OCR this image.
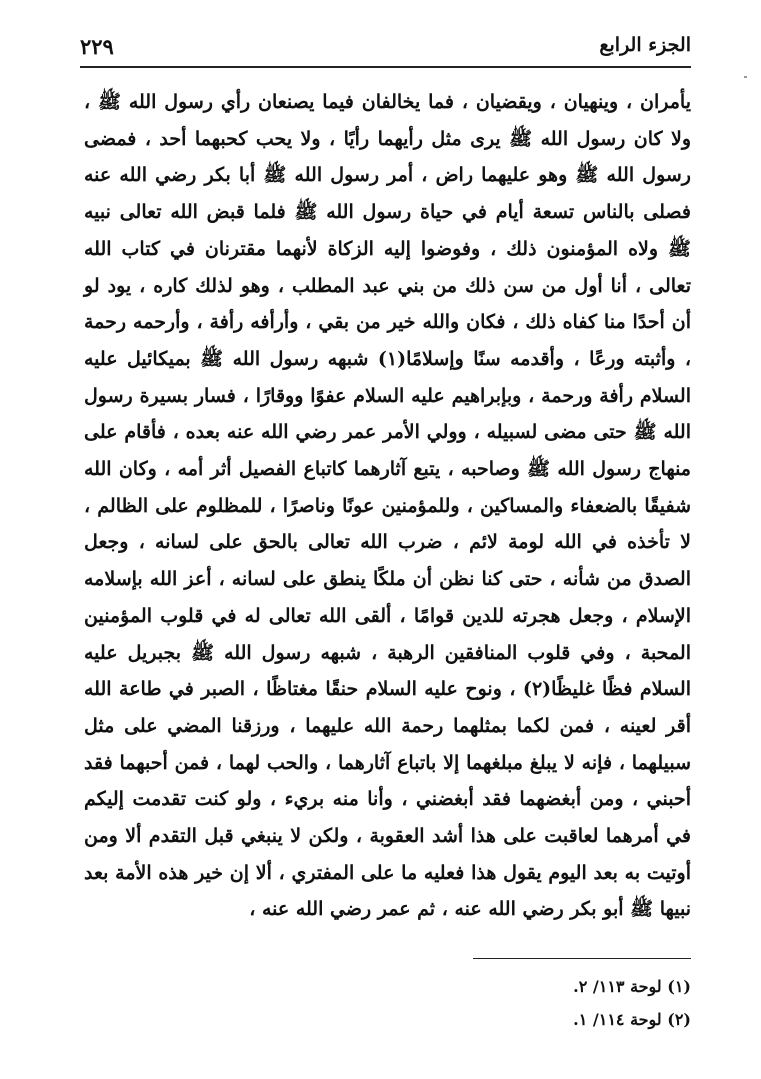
الجزء الرابع
٢٢٩

يأمران ، وينهيان ، ويقضيان ، فما يخالفان فيما يصنعان رأي رسول الله ﷺ ، ولا كان رسول الله ﷺ يرى مثل رأيهما رأيًا ، ولا يحب كحبهما أحد ، فمضى رسول الله ﷺ وهو عليهما راض ، أمر رسول الله ﷺ أبا بكر رضي الله عنه فصلى بالناس تسعة أيام في حياة رسول الله ﷺ فلما قبض الله تعالى نبيه ﷺ ولاه المؤمنون ذلك ، وفوضوا إليه الزكاة لأنهما مقترنان في كتاب الله تعالى ، أنا أول من سن ذلك من بني عبد المطلب ، وهو لذلك كاره ، يود لو أن أحدًا منا كفاه ذلك ، فكان والله خير من بقي ، وأرأفه رأفة ، وأرحمه رحمة ، وأثبته ورعًا ، وأقدمه سنًا وإسلامًا(١) شبهه رسول الله ﷺ بميكائيل عليه السلام رأفة ورحمة ، وبإبراهيم عليه السلام عفوًا ووقارًا ، فسار بسيرة رسول الله ﷺ حتى مضى لسبيله ، وولي الأمر عمر رضي الله عنه بعده ، فأقام على منهاج رسول الله ﷺ وصاحبه ، يتبع آثارهما كاتباع الفصيل أثر أمه ، وكان الله شفيقًا بالضعفاء والمساكين ، وللمؤمنين عونًا وناصرًا ، للمظلوم على الظالم ، لا تأخذه في الله لومة لائم ، ضرب الله تعالى بالحق على لسانه ، وجعل الصدق من شأنه ، حتى كنا نظن أن ملكًا ينطق على لسانه ، أعز الله بإسلامه الإسلام ، وجعل هجرته للدين قوامًا ، ألقى الله تعالى له في قلوب المؤمنين المحبة ، وفي قلوب المنافقين الرهبة ، شبهه رسول الله ﷺ بجبريل عليه السلام فظًا غليظًا(٢) ، ونوح عليه السلام حنقًا مغتاظًا ، الصبر في طاعة الله أقر لعينه ، فمن لكما بمثلهما رحمة الله عليهما ، ورزقنا المضي على مثل سبيلهما ، فإنه لا يبلغ مبلغهما إلا باتباع آثارهما ، والحب لهما ، فمن أحبهما فقد أحبني ، ومن أبغضهما فقد أبغضني ، وأنا منه بريء ، ولو كنت تقدمت إليكم في أمرهما لعاقبت على هذا أشد العقوبة ، ولكن لا ينبغي قبل التقدم ألا ومن أوتيت به بعد اليوم يقول هذا فعليه ما على المفتري ، ألا إن خير هذه الأمة بعد نبيها ﷺ أبو بكر رضي الله عنه ، ثم عمر رضي الله عنه ،

(١) لوحة ١١٣/ ٢.
(٢) لوحة ١١٤/ ١.
